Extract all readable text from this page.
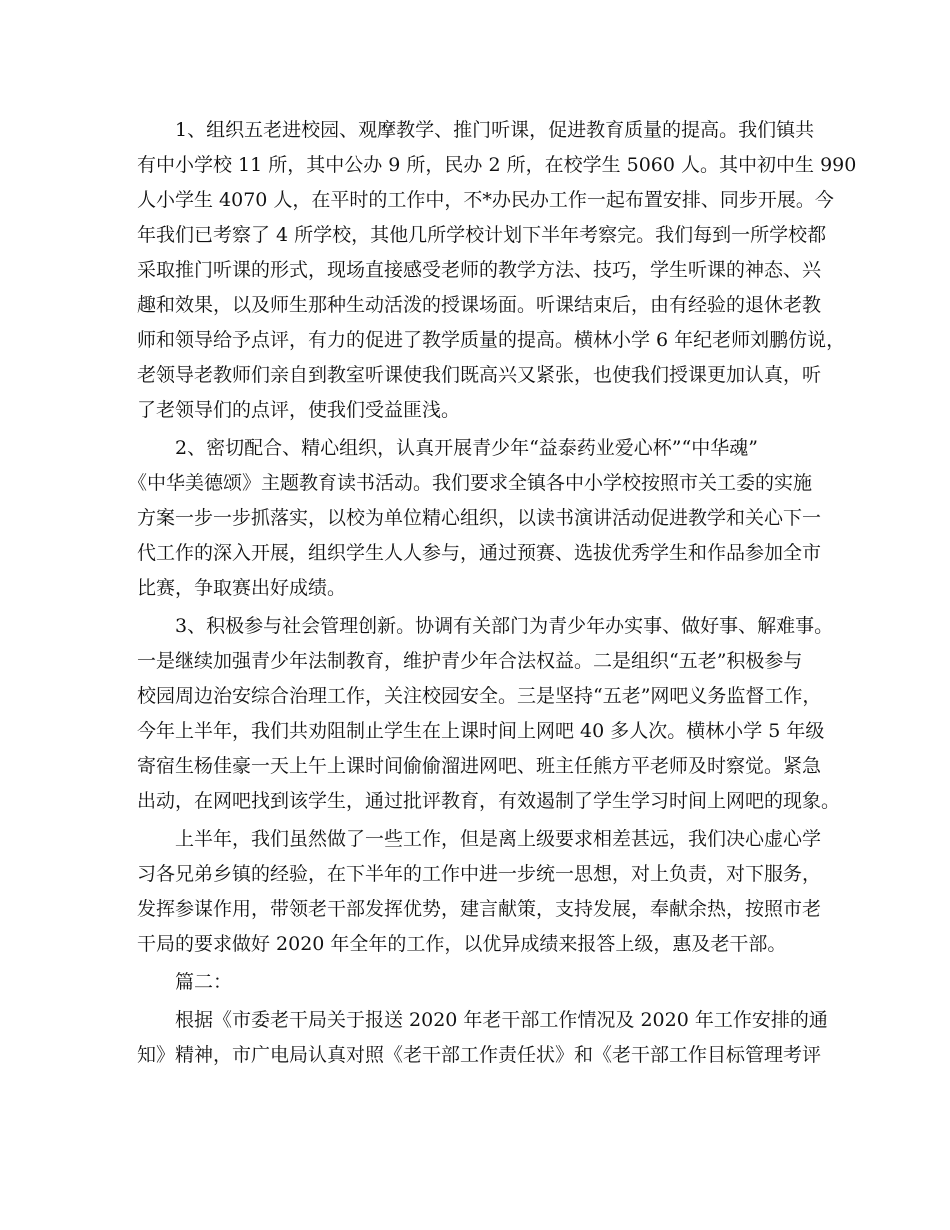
1、组织五老进校园、观摩教学、推门听课，促进教育质量的提高。我们镇共

有中小学校 11 所，其中公办 9 所，民办 2 所，在校学生 5060 人。其中初中生 990

人小学生 4070 人，在平时的工作中，不*办民办工作一起布置安排、同步开展。今

年我们已考察了 4 所学校，其他几所学校计划下半年考察完。我们每到一所学校都

采取推门听课的形式，现场直接感受老师的教学方法、技巧，学生听课的神态、兴

趣和效果，以及师生那种生动活泼的授课场面。听课结束后，由有经验的退休老教

师和领导给予点评，有力的促进了教学质量的提高。横林小学 6 年纪老师刘鹏仿说，

老领导老教师们亲自到教室听课使我们既高兴又紧张，也使我们授课更加认真，听

了老领导们的点评，使我们受益匪浅。

2、密切配合、精心组织，认真开展青少年“益泰药业爱心杯”“中华魂”

《中华美德颂》主题教育读书活动。我们要求全镇各中小学校按照市关工委的实施

方案一步一步抓落实，以校为单位精心组织，以读书演讲活动促进教学和关心下一

代工作的深入开展，组织学生人人参与，通过预赛、选拔优秀学生和作品参加全市

比赛，争取赛出好成绩。

3、积极参与社会管理创新。协调有关部门为青少年办实事、做好事、解难事。

一是继续加强青少年法制教育，维护青少年合法权益。二是组织“五老”积极参与

校园周边治安综合治理工作，关注校园安全。三是坚持“五老”网吧义务监督工作，

今年上半年，我们共劝阻制止学生在上课时间上网吧 40 多人次。横林小学 5 年级

寄宿生杨佳豪一天上午上课时间偷偷溜进网吧、班主任熊方平老师及时察觉。紧急

出动，在网吧找到该学生，通过批评教育，有效遏制了学生学习时间上网吧的现象。

上半年，我们虽然做了一些工作，但是离上级要求相差甚远，我们决心虚心学

习各兄弟乡镇的经验，在下半年的工作中进一步统一思想，对上负责，对下服务，

发挥参谋作用，带领老干部发挥优势，建言献策，支持发展，奉献余热，按照市老

干局的要求做好 2020 年全年的工作，以优异成绩来报答上级，惠及老干部。

篇二：

根据《市委老干局关于报送 2020 年老干部工作情况及 2020 年工作安排的通

知》精神，市广电局认真对照《老干部工作责任状》和《老干部工作目标管理考评
